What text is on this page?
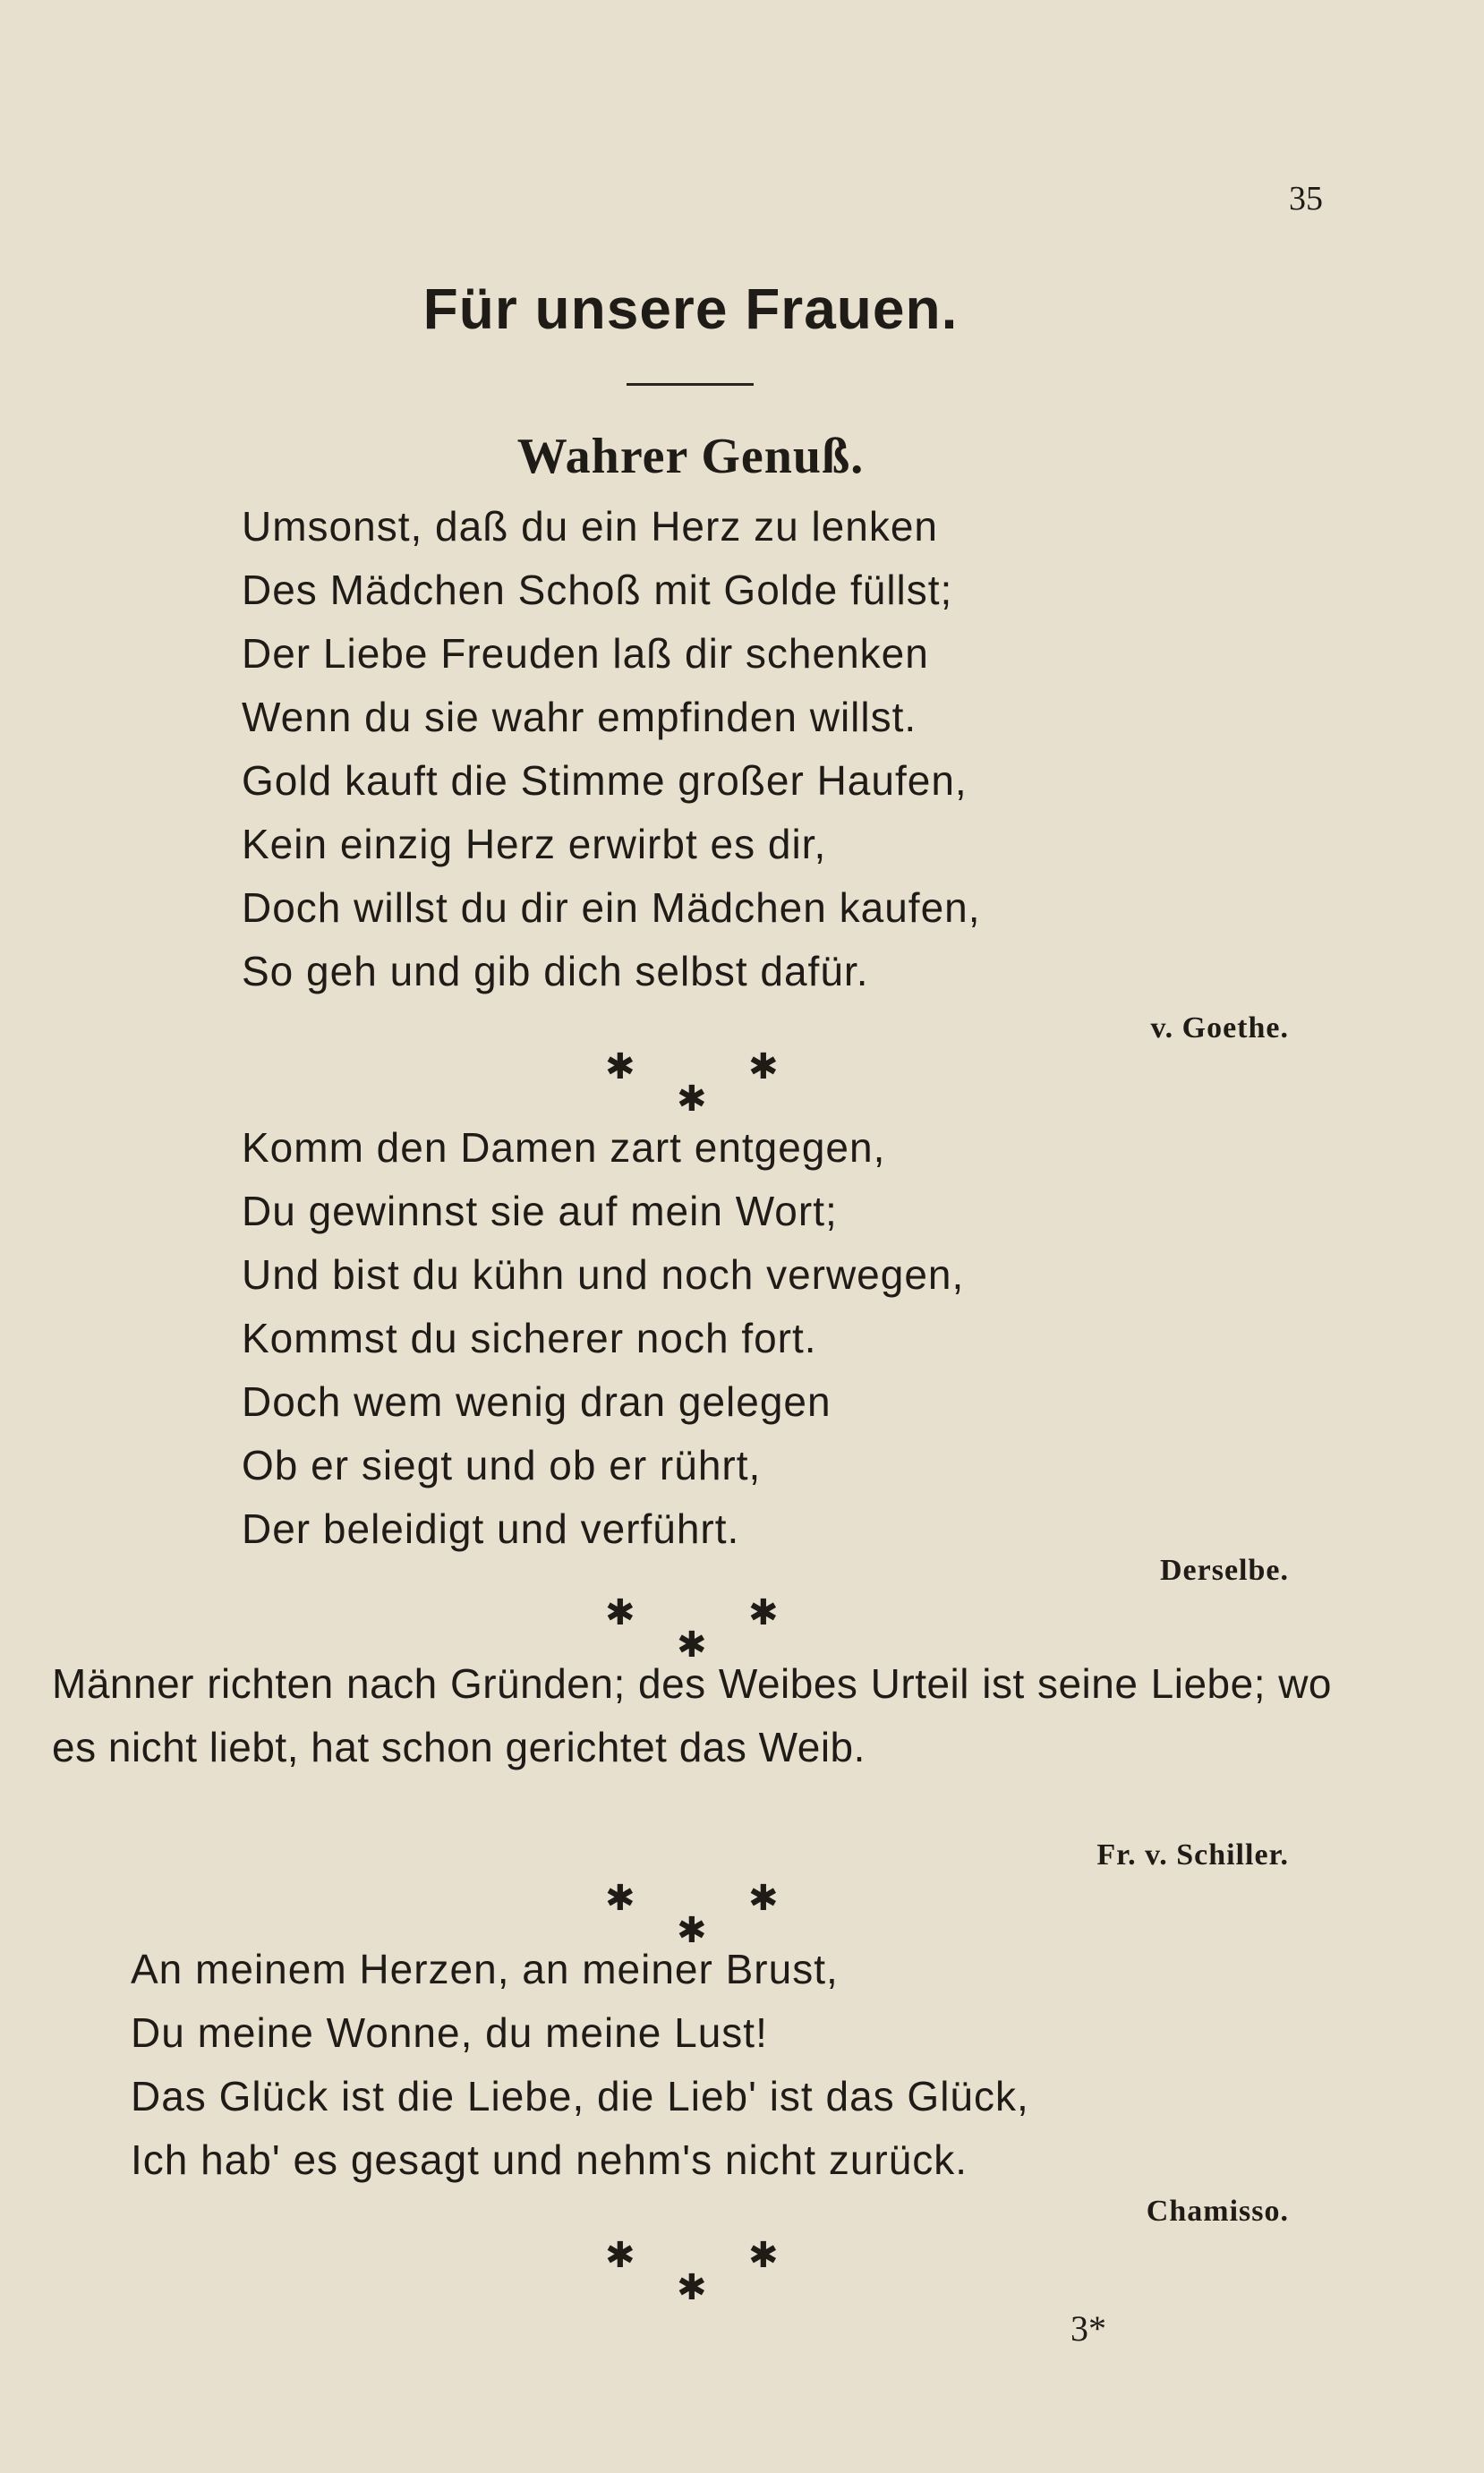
35
Für unsere Frauen.
Wahrer Genuß.
Umsonst, daß du ein Herz zu lenken
Des Mädchen Schoß mit Golde füllst;
Der Liebe Freuden laß dir schenken
Wenn du sie wahr empfinden willst.
Gold kauft die Stimme großer Haufen,
Kein einzig Herz erwirbt es dir,
Doch willst du dir ein Mädchen kaufen,
So geh und gib dich selbst dafür.
v. Goethe.
✱	✱
✱
Komm den Damen zart entgegen,
Du gewinnst sie auf mein Wort;
Und bist du kühn und noch verwegen,
Kommst du sicherer noch fort.
Doch wem wenig dran gelegen
Ob er siegt und ob er rührt,
Der beleidigt und verführt.
Derselbe.
✱	✱
✱
Männer richten nach Gründen; des Weibes Urteil ist seine Liebe; wo es nicht liebt, hat schon gerichtet das Weib.
Fr. v. Schiller.
✱	✱
✱
An meinem Herzen, an meiner Brust,
Du meine Wonne, du meine Lust!
Das Glück ist die Liebe, die Lieb' ist das Glück,
Ich hab' es gesagt und nehm's nicht zurück.
Chamisso.
✱	✱
✱
3*
